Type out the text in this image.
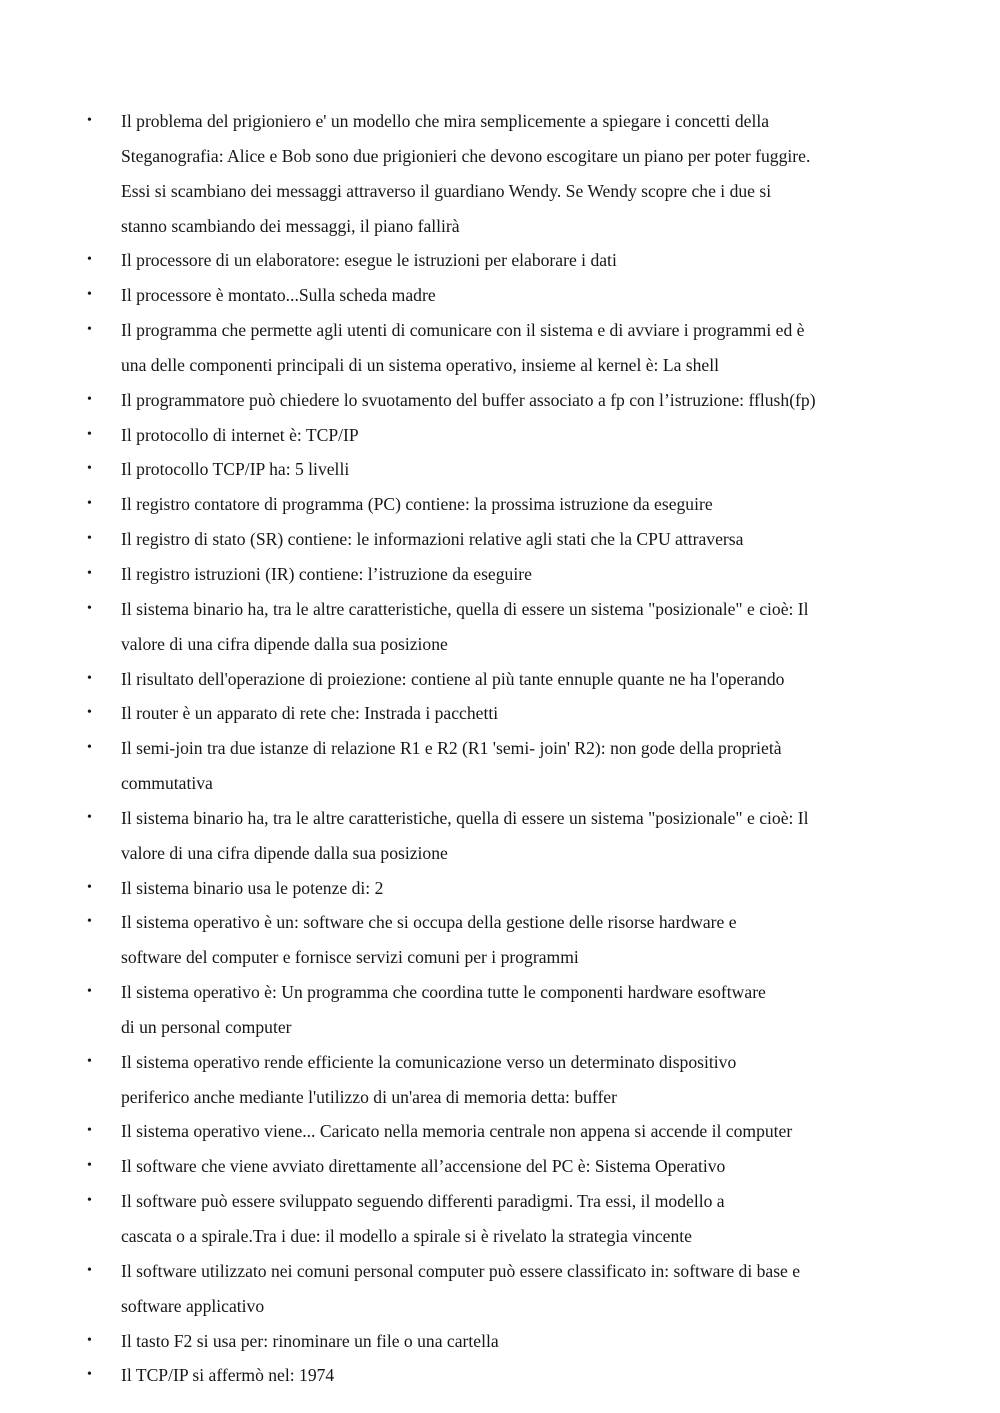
• Il problema del prigioniero e' un modello che mira semplicemente a spiegare i concetti della
Steganografia: Alice e Bob sono due prigionieri che devono escogitare un piano per poter fuggire.
Essi si scambiano dei messaggi attraverso il guardiano Wendy. Se Wendy scopre che i due si
stanno scambiando dei messaggi, il piano fallirà
• Il processore di un elaboratore: esegue le istruzioni per elaborare i dati
• Il processore è montato...Sulla scheda madre
• Il programma che permette agli utenti di comunicare con il sistema e di avviare i programmi ed è
una delle componenti principali di un sistema operativo, insieme al kernel è: La shell
• Il programmatore può chiedere lo svuotamento del buffer associato a fp con l’istruzione: fflush(fp)
• Il protocollo di internet è: TCP/IP
• Il protocollo TCP/IP ha: 5 livelli
• Il registro contatore di programma (PC) contiene: la prossima istruzione da eseguire
• Il registro di stato (SR) contiene: le informazioni relative agli stati che la CPU attraversa
• Il registro istruzioni (IR) contiene: l’istruzione da eseguire
• Il sistema binario ha, tra le altre caratteristiche, quella di essere un sistema "posizionale" e cioè: Il
valore di una cifra dipende dalla sua posizione
• Il risultato dell'operazione di proiezione: contiene al più tante ennuple quante ne ha l'operando
• Il router è un apparato di rete che: Instrada i pacchetti
• Il semi-join tra due istanze di relazione R1 e R2 (R1 'semi- join' R2): non gode della proprietà
commutativa
• Il sistema binario ha, tra le altre caratteristiche, quella di essere un sistema "posizionale" e cioè: Il
valore di una cifra dipende dalla sua posizione
• Il sistema binario usa le potenze di: 2
• Il sistema operativo è un: software che si occupa della gestione delle risorse hardware e
software del computer e fornisce servizi comuni per i programmi
• Il sistema operativo è: Un programma che coordina tutte le componenti hardware esoftware
di un personal computer
• Il sistema operativo rende efficiente la comunicazione verso un determinato dispositivo
periferico anche mediante l'utilizzo di un'area di memoria detta: buffer
• Il sistema operativo viene... Caricato nella memoria centrale non appena si accende il computer
• Il software che viene avviato direttamente all’accensione del PC è: Sistema Operativo
• Il software può essere sviluppato seguendo differenti paradigmi. Tra essi, il modello a
cascata o a spirale.Tra i due: il modello a spirale si è rivelato la strategia vincente
• Il software utilizzato nei comuni personal computer può essere classificato in: software di base e
software applicativo
• Il tasto F2 si usa per: rinominare un file o una cartella
• Il TCP/IP si affermò nel: 1974
